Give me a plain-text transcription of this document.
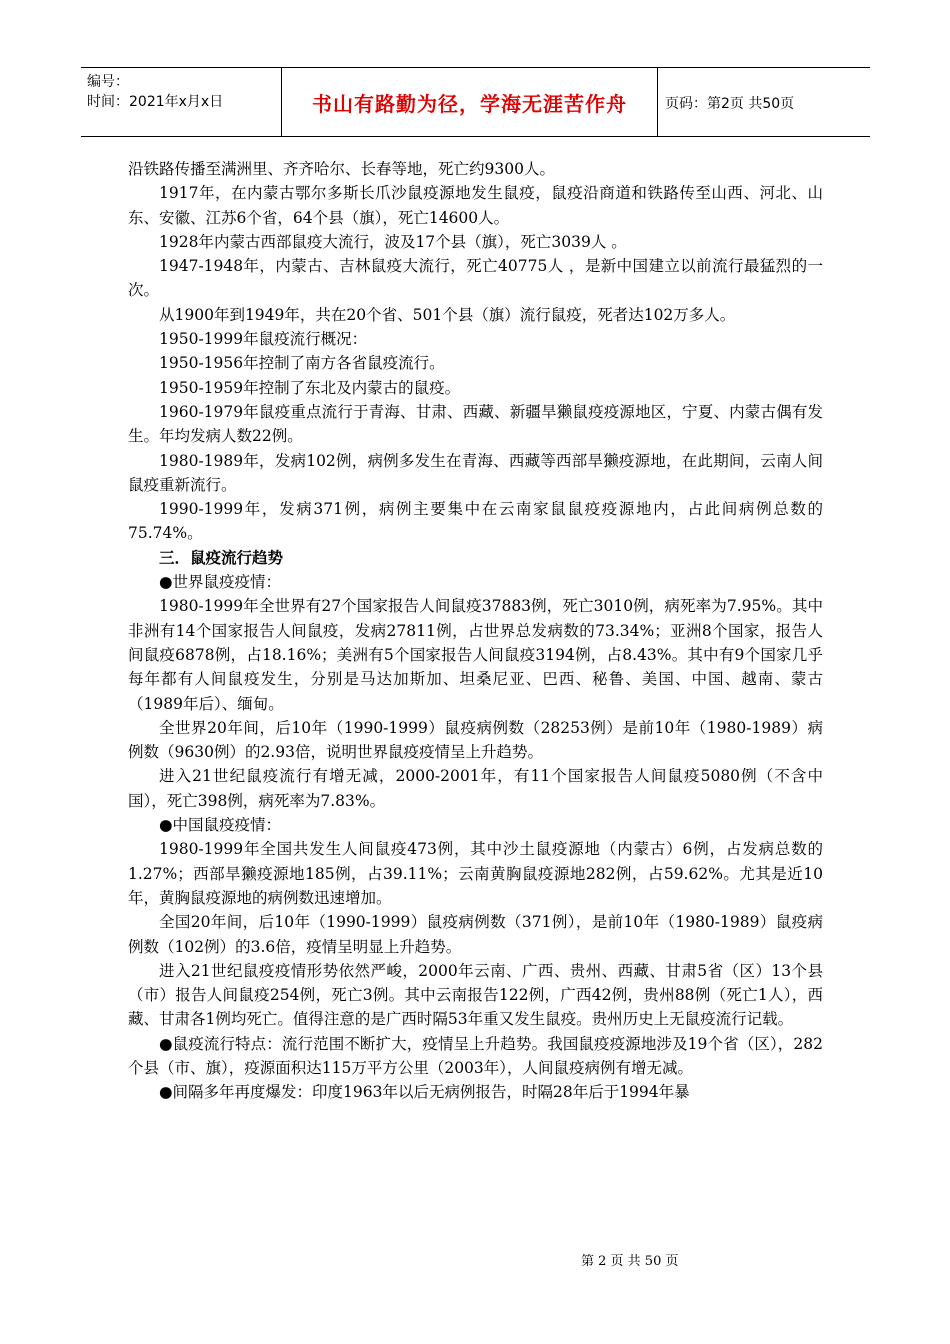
编号：
时间：2021年x月x日	书山有路勤为径，学海无涯苦作舟	页码：第2页 共50页

沿铁路传播至满洲里、齐齐哈尔、长春等地，死亡约9300人。

1917年，在内蒙古鄂尔多斯长爪沙鼠疫源地发生鼠疫，鼠疫沿商道和铁路传至山西、河北、山东、安徽、江苏6个省，64个县（旗），死亡14600人。

1928年内蒙古西部鼠疫大流行，波及17个县（旗），死亡3039人 。

1947-1948年，内蒙古、吉林鼠疫大流行，死亡40775人 ，是新中国建立以前流行最猛烈的一次。

从1900年到1949年，共在20个省、501个县（旗）流行鼠疫，死者达102万多人。

1950-1999年鼠疫流行概况：

1950-1956年控制了南方各省鼠疫流行。

1950-1959年控制了东北及内蒙古的鼠疫。

1960-1979年鼠疫重点流行于青海、甘肃、西藏、新疆旱獭鼠疫疫源地区，宁夏、内蒙古偶有发生。年均发病人数22例。

1980-1989年，发病102例，病例多发生在青海、西藏等西部旱獭疫源地，在此期间，云南人间鼠疫重新流行。

1990-1999年，发病371例，病例主要集中在云南家鼠鼠疫疫源地内，占此间病例总数的75.74%。

三．鼠疫流行趋势

●世界鼠疫疫情：

1980-1999年全世界有27个国家报告人间鼠疫37883例，死亡3010例，病死率为7.95%。其中非洲有14个国家报告人间鼠疫，发病27811例，占世界总发病数的73.34%；亚洲8个国家，报告人间鼠疫6878例，占18.16%；美洲有5个国家报告人间鼠疫3194例，占8.43%。其中有9个国家几乎每年都有人间鼠疫发生，分别是马达加斯加、坦桑尼亚、巴西、秘鲁、美国、中国、越南、蒙古（1989年后）、缅甸。

全世界20年间，后10年（1990-1999）鼠疫病例数（28253例）是前10年（1980-1989）病例数（9630例）的2.93倍，说明世界鼠疫疫情呈上升趋势。

进入21世纪鼠疫流行有增无减，2000-2001年，有11个国家报告人间鼠疫5080例（不含中国），死亡398例，病死率为7.83%。

●中国鼠疫疫情：

1980-1999年全国共发生人间鼠疫473例，其中沙土鼠疫源地（内蒙古）6例，占发病总数的1.27%；西部旱獭疫源地185例，占39.11%；云南黄胸鼠疫源地282例，占59.62%。尤其是近10年，黄胸鼠疫源地的病例数迅速增加。

全国20年间，后10年（1990-1999）鼠疫病例数（371例），是前10年（1980-1989）鼠疫病例数（102例）的3.6倍，疫情呈明显上升趋势。

进入21世纪鼠疫疫情形势依然严峻，2000年云南、广西、贵州、西藏、甘肃5省（区）13个县（市）报告人间鼠疫254例，死亡3例。其中云南报告122例，广西42例，贵州88例（死亡1人），西藏、甘肃各1例均死亡。值得注意的是广西时隔53年重又发生鼠疫。贵州历史上无鼠疫流行记载。

●鼠疫流行特点：流行范围不断扩大，疫情呈上升趋势。我国鼠疫疫源地涉及19个省（区），282个县（市、旗），疫源面积达115万平方公里（2003年），人间鼠疫病例有增无减。

●间隔多年再度爆发：印度1963年以后无病例报告，时隔28年后于1994年暴

第 2 页 共 50 页
